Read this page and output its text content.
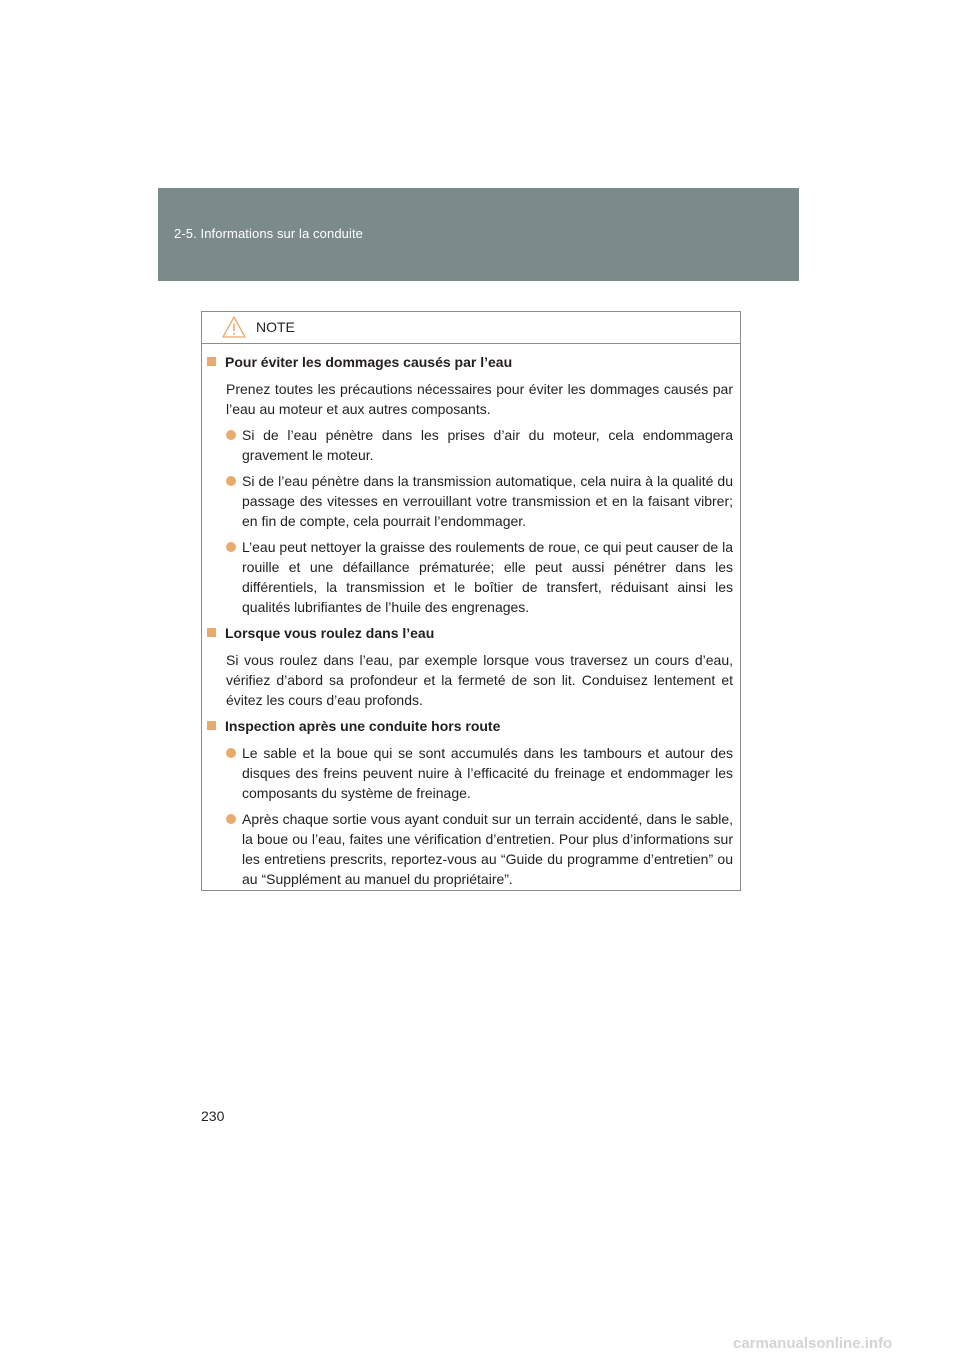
2-5. Informations sur la conduite
NOTE
Pour éviter les dommages causés par l’eau

Prenez toutes les précautions nécessaires pour éviter les dommages causés par l’eau au moteur et aux autres composants.

Si de l’eau pénètre dans les prises d’air du moteur, cela endommagera gravement le moteur.
Si de l’eau pénètre dans la transmission automatique, cela nuira à la qualité du passage des vitesses en verrouillant votre transmission et en la faisant vibrer; en fin de compte, cela pourrait l’endommager.
L’eau peut nettoyer la graisse des roulements de roue, ce qui peut causer de la rouille et une défaillance prématurée; elle peut aussi pénétrer dans les différentiels, la transmission et le boîtier de transfert, réduisant ainsi les qualités lubrifiantes de l’huile des engrenages.
Lorsque vous roulez dans l’eau

Si vous roulez dans l’eau, par exemple lorsque vous traversez un cours d’eau, vérifiez d’abord sa profondeur et la fermeté de son lit. Conduisez lentement et évitez les cours d’eau profonds.

Inspection après une conduite hors route
Le sable et la boue qui se sont accumulés dans les tambours et autour des disques des freins peuvent nuire à l’efficacité du freinage et endommager les composants du système de freinage.
Après chaque sortie vous ayant conduit sur un terrain accidenté, dans le sable, la boue ou l’eau, faites une vérification d’entretien. Pour plus d’informations sur les entretiens prescrits, reportez-vous au “Guide du programme d’entretien” ou au “Supplément au manuel du propriétaire”.
230
carmanualsonline.info
